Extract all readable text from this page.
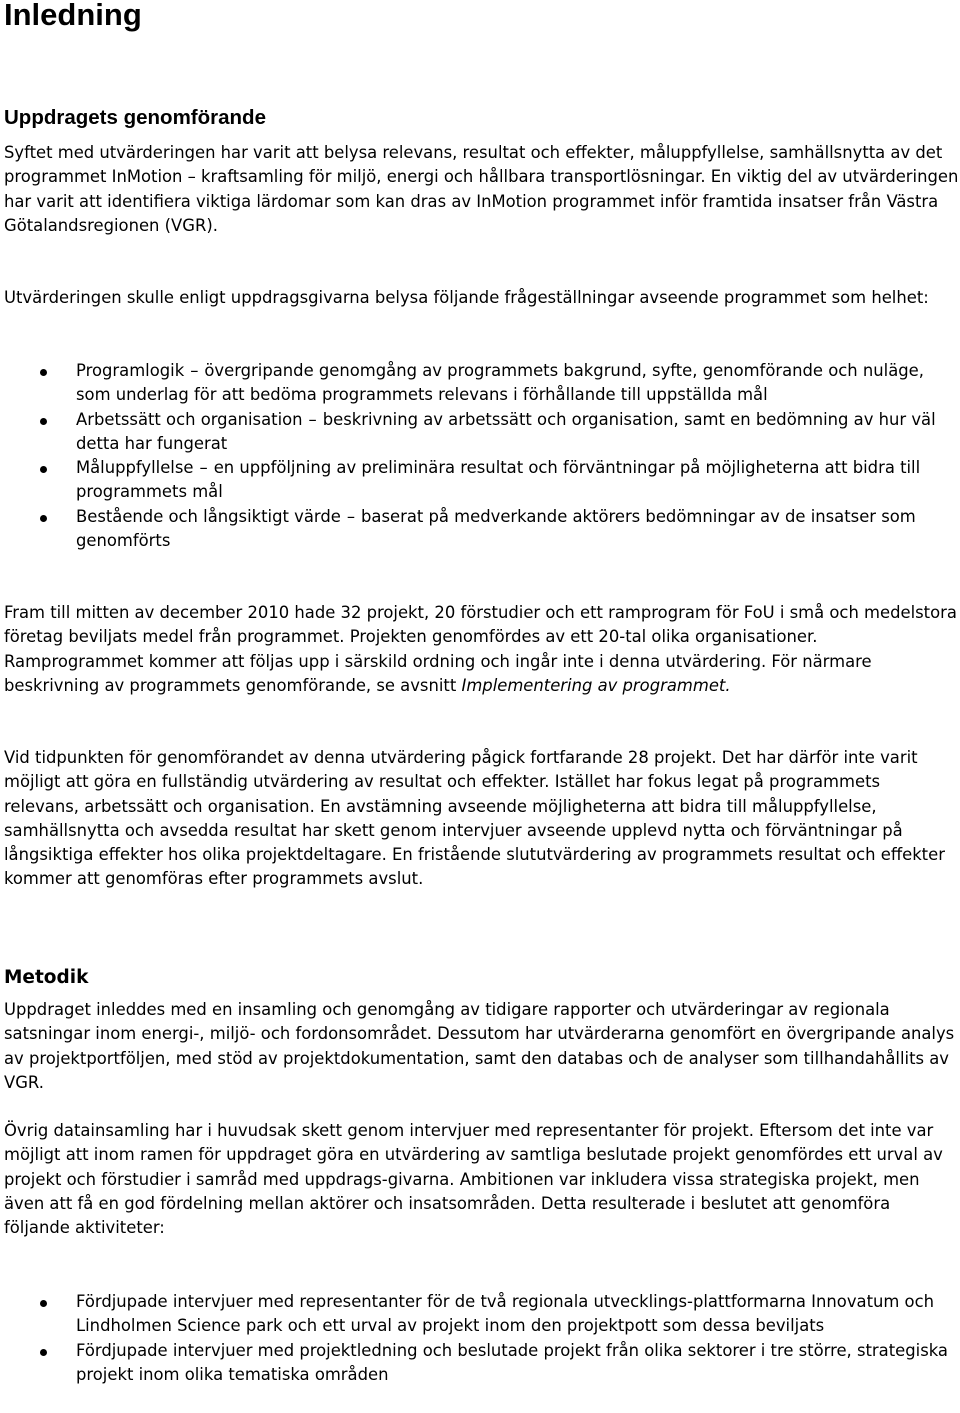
Inledning
Uppdragets genomförande

Syftet med utvärderingen har varit att belysa relevans, resultat och effekter, måluppfyllelse, samhällsnytta av det programmet InMotion – kraftsamling för miljö, energi och hållbara transportlösningar. En viktig del av utvärderingen har varit att identifiera viktiga lärdomar som kan dras av InMotion programmet inför framtida insatser från Västra Götalandsregionen (VGR).

Utvärderingen skulle enligt uppdragsgivarna belysa följande frågeställningar avseende programmet som helhet:

Programlogik – övergripande genomgång av programmets bakgrund, syfte, genomförande och nuläge, som underlag för att bedöma programmets relevans i förhållande till uppställda mål
Arbetssätt och organisation – beskrivning av arbetssätt och organisation, samt en bedömning av hur väl detta har fungerat
Måluppfyllelse – en uppföljning av preliminära resultat och förväntningar på möjligheterna att bidra till programmets mål
Bestående och långsiktigt värde – baserat på medverkande aktörers bedömningar av de insatser som genomförts

Fram till mitten av december 2010 hade 32 projekt, 20 förstudier och ett ramprogram för FoU i små och medelstora företag beviljats medel från programmet. Projekten genomfördes av ett 20-tal olika organisationer. Ramprogrammet kommer att följas upp i särskild ordning och ingår inte i denna utvärdering. För närmare beskrivning av programmets genomförande, se avsnitt Implementering av programmet.

Vid tidpunkten för genomförandet av denna utvärdering pågick fortfarande 28 projekt. Det har därför inte varit möjligt att göra en fullständig utvärdering av resultat och effekter. Istället har fokus legat på programmets relevans, arbetssätt och organisation. En avstämning avseende möjligheterna att bidra till måluppfyllelse, samhällsnytta och avsedda resultat har skett genom intervjuer avseende upplevd nytta och förväntningar på långsiktiga effekter hos olika projektdeltagare. En fristående slututvärdering av programmets resultat och effekter kommer att genomföras efter programmets avslut.

Metodik

Uppdraget inleddes med en insamling och genomgång av tidigare rapporter och utvärderingar av regionala satsningar inom energi-, miljö- och fordonsområdet. Dessutom har utvärderarna genomfört en övergripande analys av projektportföljen, med stöd av projektdokumentation, samt den databas och de analyser som tillhandahållits av VGR.

Övrig datainsamling har i huvudsak skett genom intervjuer med representanter för projekt. Eftersom det inte var möjligt att inom ramen för uppdraget göra en utvärdering av samtliga beslutade projekt genomfördes ett urval av projekt och förstudier i samråd med uppdrags-givarna. Ambitionen var inkludera vissa strategiska projekt, men även att få en god fördelning mellan aktörer och insatsområden. Detta resulterade i beslutet att genomföra följande aktiviteter:

Fördjupade intervjuer med representanter för de två regionala utvecklings-plattformarna Innovatum och Lindholmen Science park och ett urval av projekt inom den projektpott som dessa beviljats
Fördjupade intervjuer med projektledning och beslutade projekt från olika sektorer i tre större, strategiska projekt inom olika tematiska områden
